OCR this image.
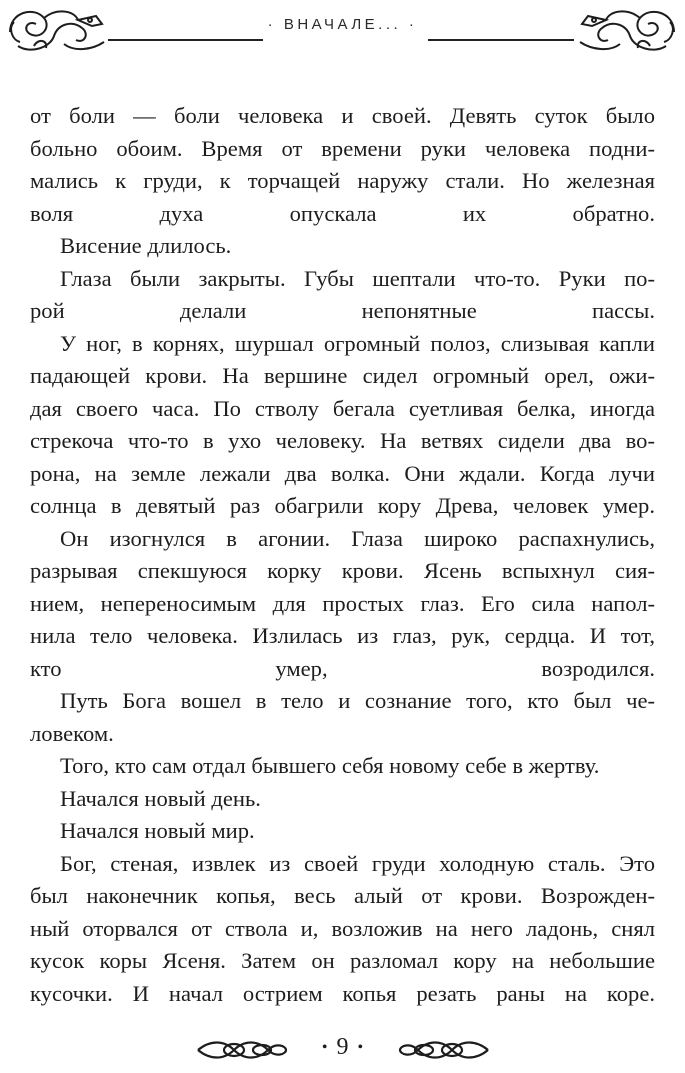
· ВНАЧАЛЕ... ·

от боли — боли человека и своей. Девять суток было
больно обоим. Время от времени руки человека подни-
мались к груди, к торчащей наружу стали. Но железная
воля духа опускала их обратно.

Висение длилось.

Глаза были закрыты. Губы шептали что-то. Руки по-
рой делали непонятные пассы.

У ног, в корнях, шуршал огромный полоз, слизывая капли
падающей крови. На вершине сидел огромный орел, ожи-
дая своего часа. По стволу бегала суетливая белка, иногда
стрекоча что-то в ухо человеку. На ветвях сидели два во-
рона, на земле лежали два волка. Они ждали. Когда лучи
солнца в девятый раз обагрили кору Древа, человек умер.

Он изогнулся в агонии. Глаза широко распахнулись,
разрывая спекшуюся корку крови. Ясень вспыхнул сия-
нием, непереносимым для простых глаз. Его сила напол-
нила тело человека. Излилась из глаз, рук, сердца. И тот,
кто умер, возродился.

Путь Бога вошел в тело и сознание того, кто был че-
ловеком.

Того, кто сам отдал бывшего себя новому себе в жертву.

Начался новый день.

Начался новый мир.

Бог, стеная, извлек из своей груди холодную сталь. Это
был наконечник копья, весь алый от крови. Возрожден-
ный оторвался от ствола и, возложив на него ладонь, снял
кусок коры Ясеня. Затем он разломал кору на небольшие
кусочки. И начал острием копья резать раны на коре.

• 9 •
